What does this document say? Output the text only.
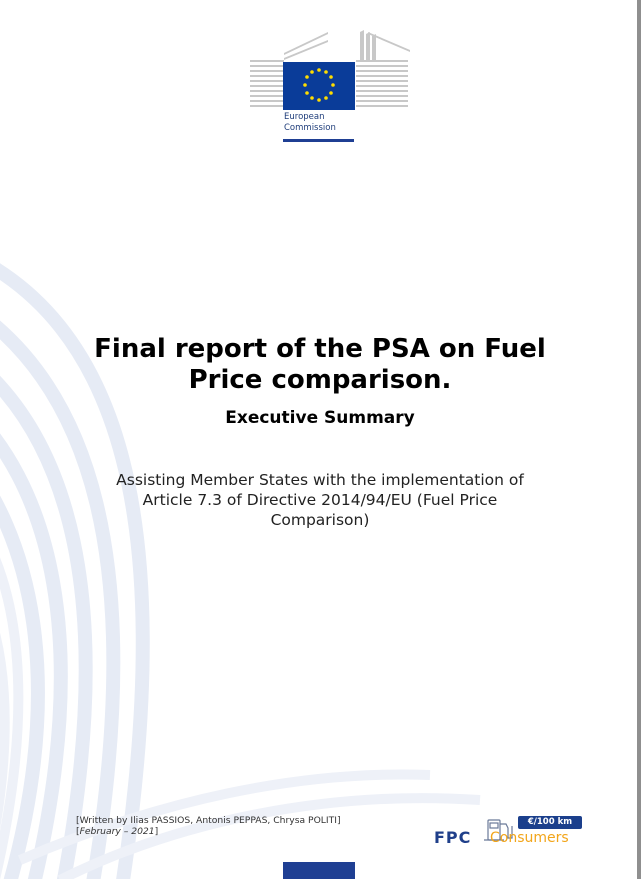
European
Commission
Final report of the PSA on Fuel
Price comparison.
Executive Summary
Assisting Member States with the implementation of
Article 7.3 of Directive 2014/94/EU (Fuel Price
Comparison)
[Written by Ilias PASSIOS, Antonis PEPPAS, Chrysa POLITI]
[February – 2021]	FPC
€/100 km
Consumers
